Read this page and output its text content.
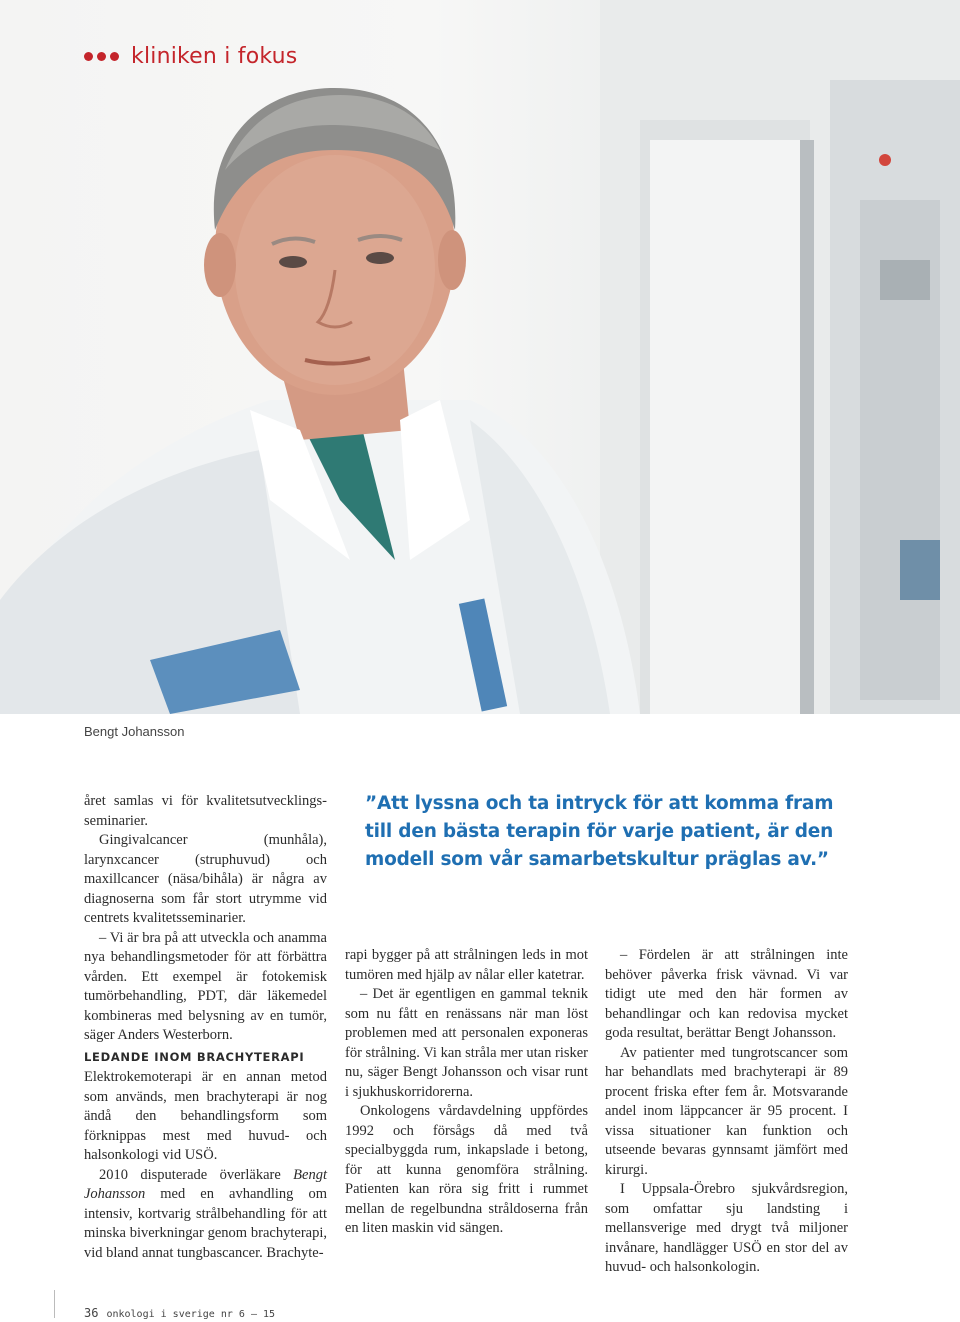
kliniken i fokus
Bengt Johansson

året samlas vi för kvalitetsutvecklings-seminarier.

Gingivalcancer (munhåla), larynxcancer (struphuvud) och maxillcancer (näsa/bihåla) är några av diagnoserna som får stort utrymme vid centrets kvalitetsseminarier.

– Vi är bra på att utveckla och anamma nya behandlingsmetoder för att förbättra vården. Ett exempel är fotokemisk tumörbehandling, PDT, där läkemedel kombineras med belysning av en tumör, säger Anders Westerborn.

LEDANDE INOM BRACHYTERAPI

Elektrokemoterapi är en annan metod som används, men brachyterapi är nog ändå den behandlingsform som förknippas mest med huvud- och halsonkologi vid USÖ.

2010 disputerade överläkare Bengt Johansson med en avhandling om intensiv, kortvarig strålbehandling för att minska biverkningar genom brachyterapi, vid bland annat tungbascancer. Brachyte-

”Att lyssna och ta intryck för att komma fram till den bästa terapin för varje patient, är den modell som vår samarbetskultur präglas av.”

rapi bygger på att strålningen leds in mot tumören med hjälp av nålar eller katetrar.

– Det är egentligen en gammal teknik som nu fått en renässans när man löst problemen med att personalen exponeras för strålning. Vi kan stråla mer utan risker nu, säger Bengt Johansson och visar runt i sjukhuskorridorerna.

Onkologens vårdavdelning uppfördes 1992 och försågs då med två specialbyggda rum, inkapslade i betong, för att kunna genomföra strålning. Patienten kan röra sig fritt i rummet mellan de regelbundna stråldoserna från en liten maskin vid sängen.

– Fördelen är att strålningen inte behöver påverka frisk vävnad. Vi var tidigt ute med den här formen av behandlingar och kan redovisa mycket goda resultat, berättar Bengt Johansson.

Av patienter med tungrotscancer som har behandlats med brachyterapi är 89 procent friska efter fem år. Motsvarande andel inom läppcancer är 95 procent. I vissa situationer kan funktion och utseende bevaras gynnsamt jämfört med kirurgi.

I Uppsala-Örebro sjukvårdsregion, som omfattar sju landsting i mellansverige med drygt två miljoner invånare, handlägger USÖ en stor del av huvud- och halsonkologin.

36 onkologi i sverige nr 6 – 15
